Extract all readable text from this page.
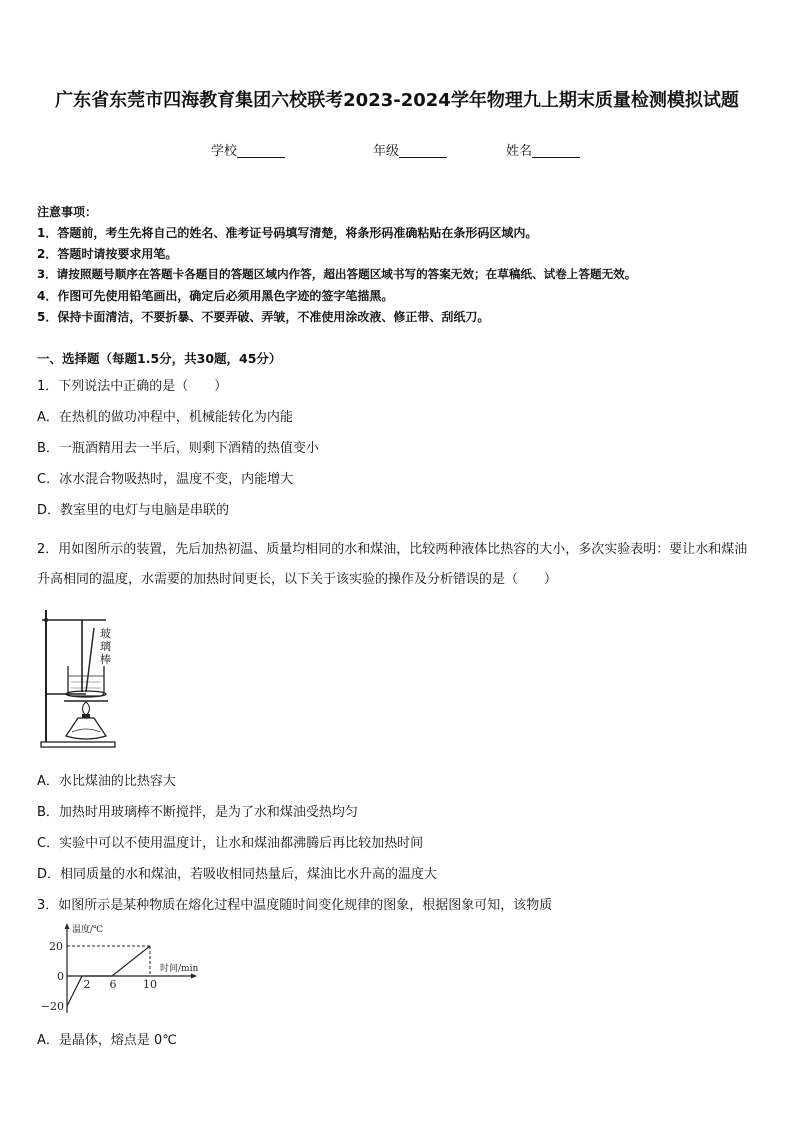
广东省东莞市四海教育集团六校联考2023-2024学年物理九上期末质量检测模拟试题
学校	年级	姓名
注意事项：
1．答题前，考生先将自己的姓名、准考证号码填写清楚，将条形码准确粘贴在条形码区域内。
2．答题时请按要求用笔。
3．请按照题号顺序在答题卡各题目的答题区域内作答，超出答题区域书写的答案无效；在草稿纸、试卷上答题无效。
4．作图可先使用铅笔画出，确定后必须用黑色字迹的签字笔描黑。
5．保持卡面清洁，不要折暴、不要弄破、弄皱，不准使用涂改液、修正带、刮纸刀。
一、选择题（每题1.5分，共30题，45分）
1．下列说法中正确的是（　　）
A．在热机的做功冲程中，机械能转化为内能
B．一瓶酒精用去一半后，则剩下酒精的热值变小
C．冰水混合物吸热时，温度不变，内能增大
D．教室里的电灯与电脑是串联的
2．用如图所示的装置，先后加热初温、质量均相同的水和煤油，比较两种液体比热容的大小，多次实验表明：要让水和煤油升高相同的温度，水需要的加热时间更长，以下关于该实验的操作及分析错误的是（　　）
玻璃棒
A．水比煤油的比热容大
B．加热时用玻璃棒不断搅拌，是为了水和煤油受热均匀
C．实验中可以不使用温度计，让水和煤油都沸腾后再比较加热时间
D．相同质量的水和煤油，若吸收相同热量后，煤油比水升高的温度大
3．如图所示是某种物质在熔化过程中温度随时间变化规律的图象，根据图象可知，该物质
温度/℃
时间/min
20
0
−20
2 6 10
A．是晶体，熔点是 0℃
